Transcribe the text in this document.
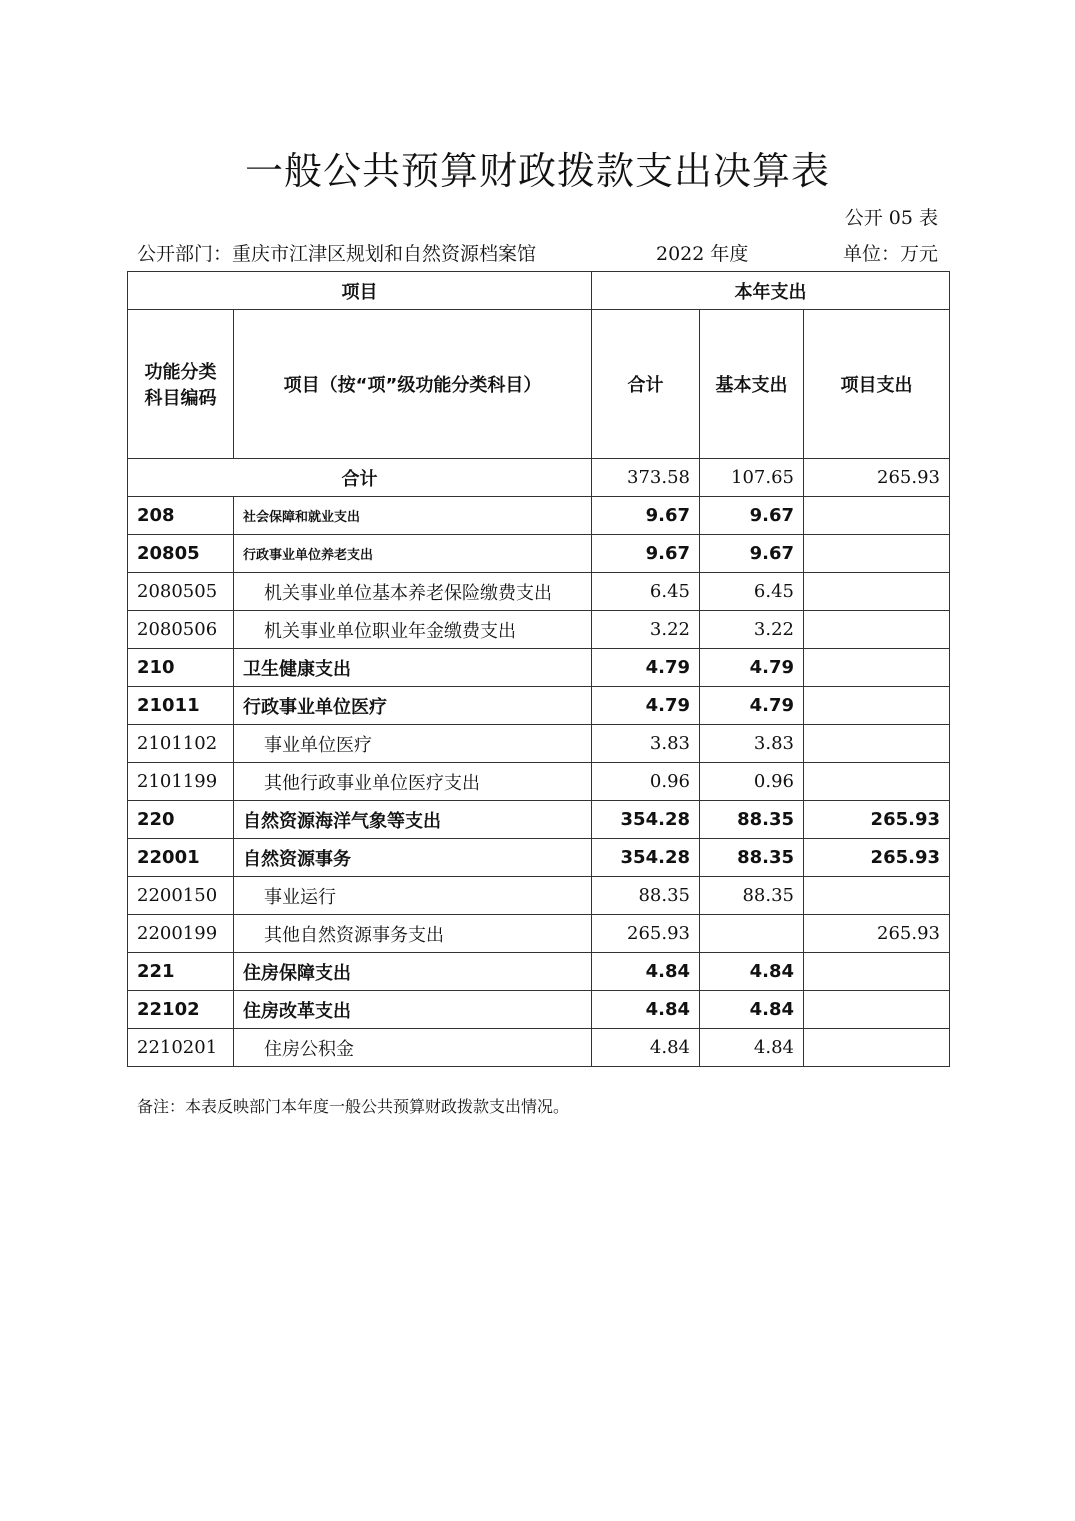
一般公共预算财政拨款支出决算表
公开 05 表
公开部门：重庆市江津区规划和自然资源档案馆	2022 年度	单位：万元
项目		本年支出		
功能分类科目编码	项目（按“项”级功能分类科目）	合计	基本支出	项目支出
合计		373.58	107.65	265.93
208	社会保障和就业支出	9.67	9.67	
20805	行政事业单位养老支出	9.67	9.67	
2080505	机关事业单位基本养老保险缴费支出	6.45	6.45	
2080506	机关事业单位职业年金缴费支出	3.22	3.22	
210	卫生健康支出	4.79	4.79	
21011	行政事业单位医疗	4.79	4.79	
2101102	事业单位医疗	3.83	3.83	
2101199	其他行政事业单位医疗支出	0.96	0.96	
220	自然资源海洋气象等支出	354.28	88.35	265.93
22001	自然资源事务	354.28	88.35	265.93
2200150	事业运行	88.35	88.35	
2200199	其他自然资源事务支出	265.93		265.93
221	住房保障支出	4.84	4.84	
22102	住房改革支出	4.84	4.84	
2210201	住房公积金	4.84	4.84	
备注：本表反映部门本年度一般公共预算财政拨款支出情况。
